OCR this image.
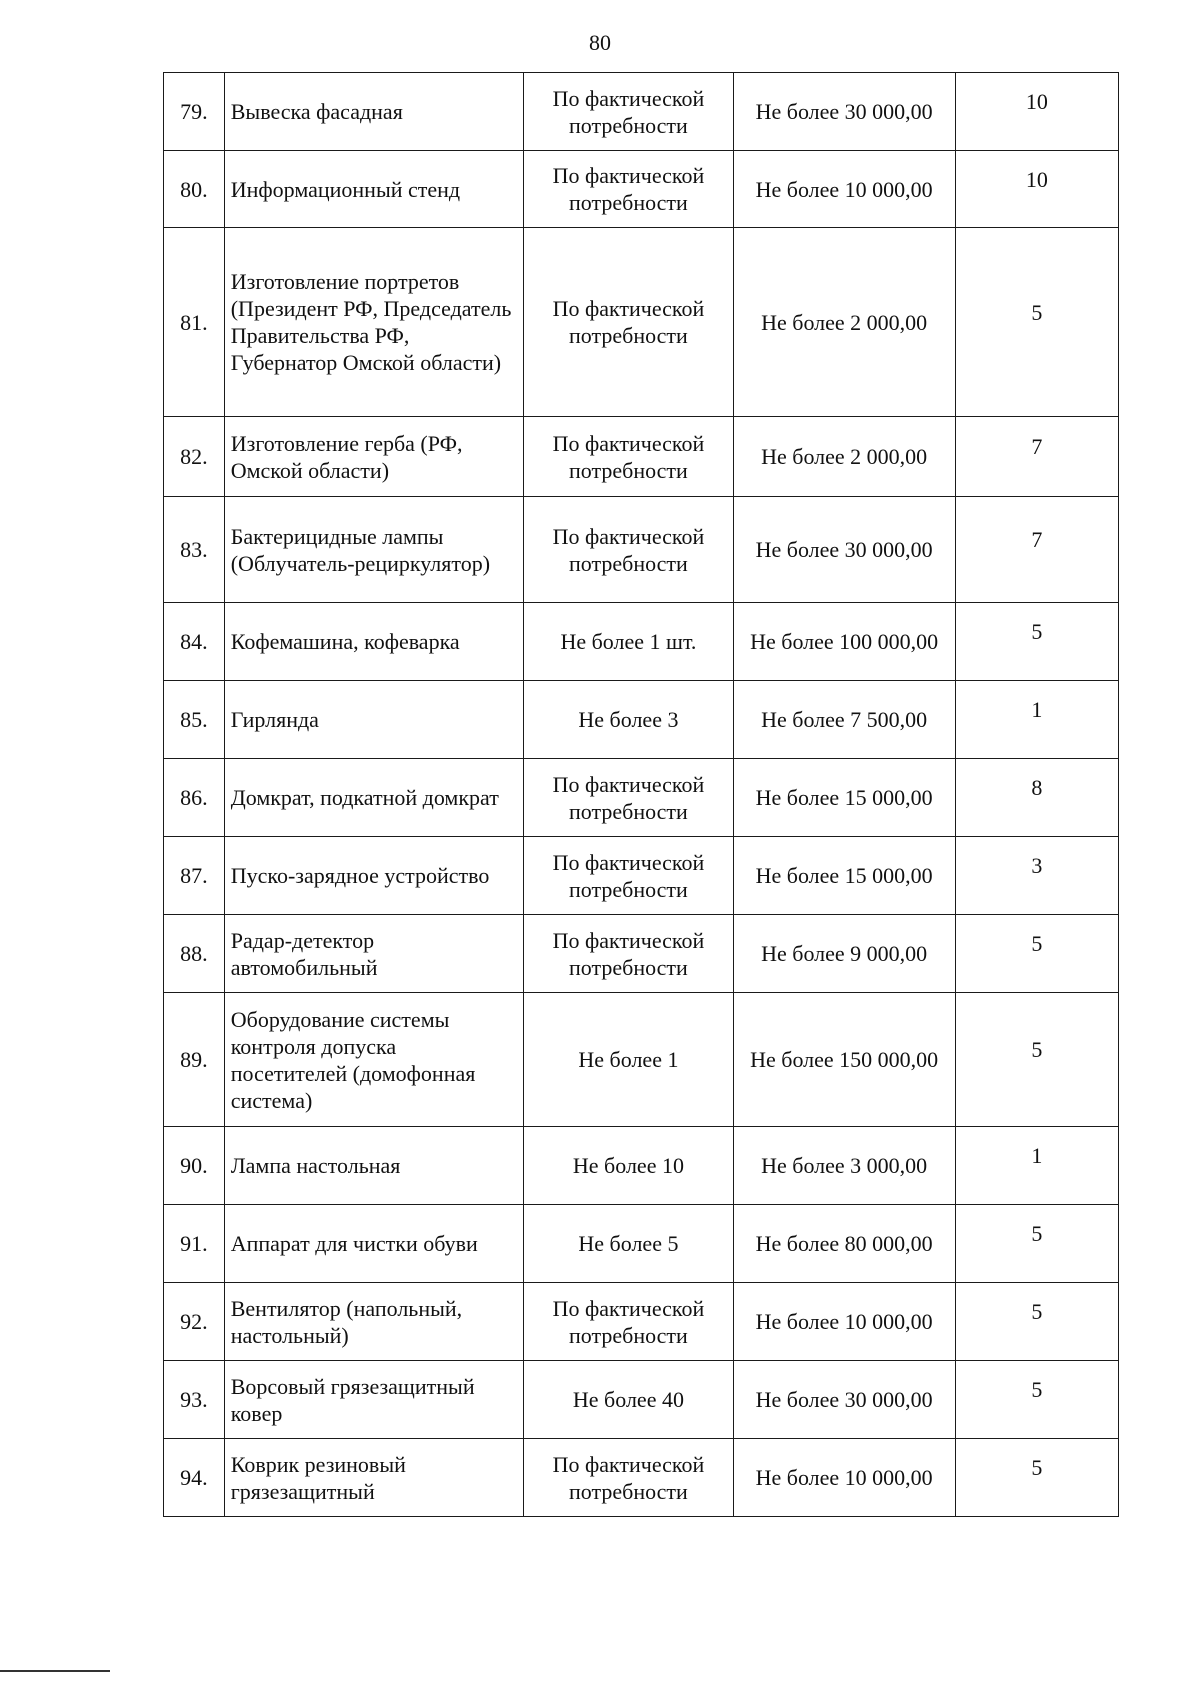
80
79.	Вывеска фасадная	По фактической потребности	Не более 30 000,00	10
80.	Информационный стенд	По фактической потребности	Не более 10 000,00	10
81.	Изготовление портретов (Президент РФ, Председатель Правительства РФ, Губернатор Омской области)	По фактической потребности	Не более 2 000,00	5
82.	Изготовление герба (РФ, Омской области)	По фактической потребности	Не более 2 000,00	7
83.	Бактерицидные лампы (Облучатель-рециркулятор)	По фактической потребности	Не более 30 000,00	7
84.	Кофемашина, кофеварка	Не более 1 шт.	Не более 100 000,00	5
85.	Гирлянда	Не более 3	Не более 7 500,00	1
86.	Домкрат, подкатной домкрат	По фактической потребности	Не более 15 000,00	8
87.	Пуско-зарядное устройство	По фактической потребности	Не более 15 000,00	3
88.	Радар-детектор автомобильный	По фактической потребности	Не более 9 000,00	5
89.	Оборудование системы контроля допуска посетителей (домофонная система)	Не более 1	Не более 150 000,00	5
90.	Лампа настольная	Не более 10	Не более 3 000,00	1
91.	Аппарат для чистки обуви	Не более 5	Не более 80 000,00	5
92.	Вентилятор (напольный, настольный)	По фактической потребности	Не более 10 000,00	5
93.	Ворсовый грязезащитный ковер	Не более 40	Не более 30 000,00	5
94.	Коврик резиновый грязезащитный	По фактической потребности	Не более 10 000,00	5
